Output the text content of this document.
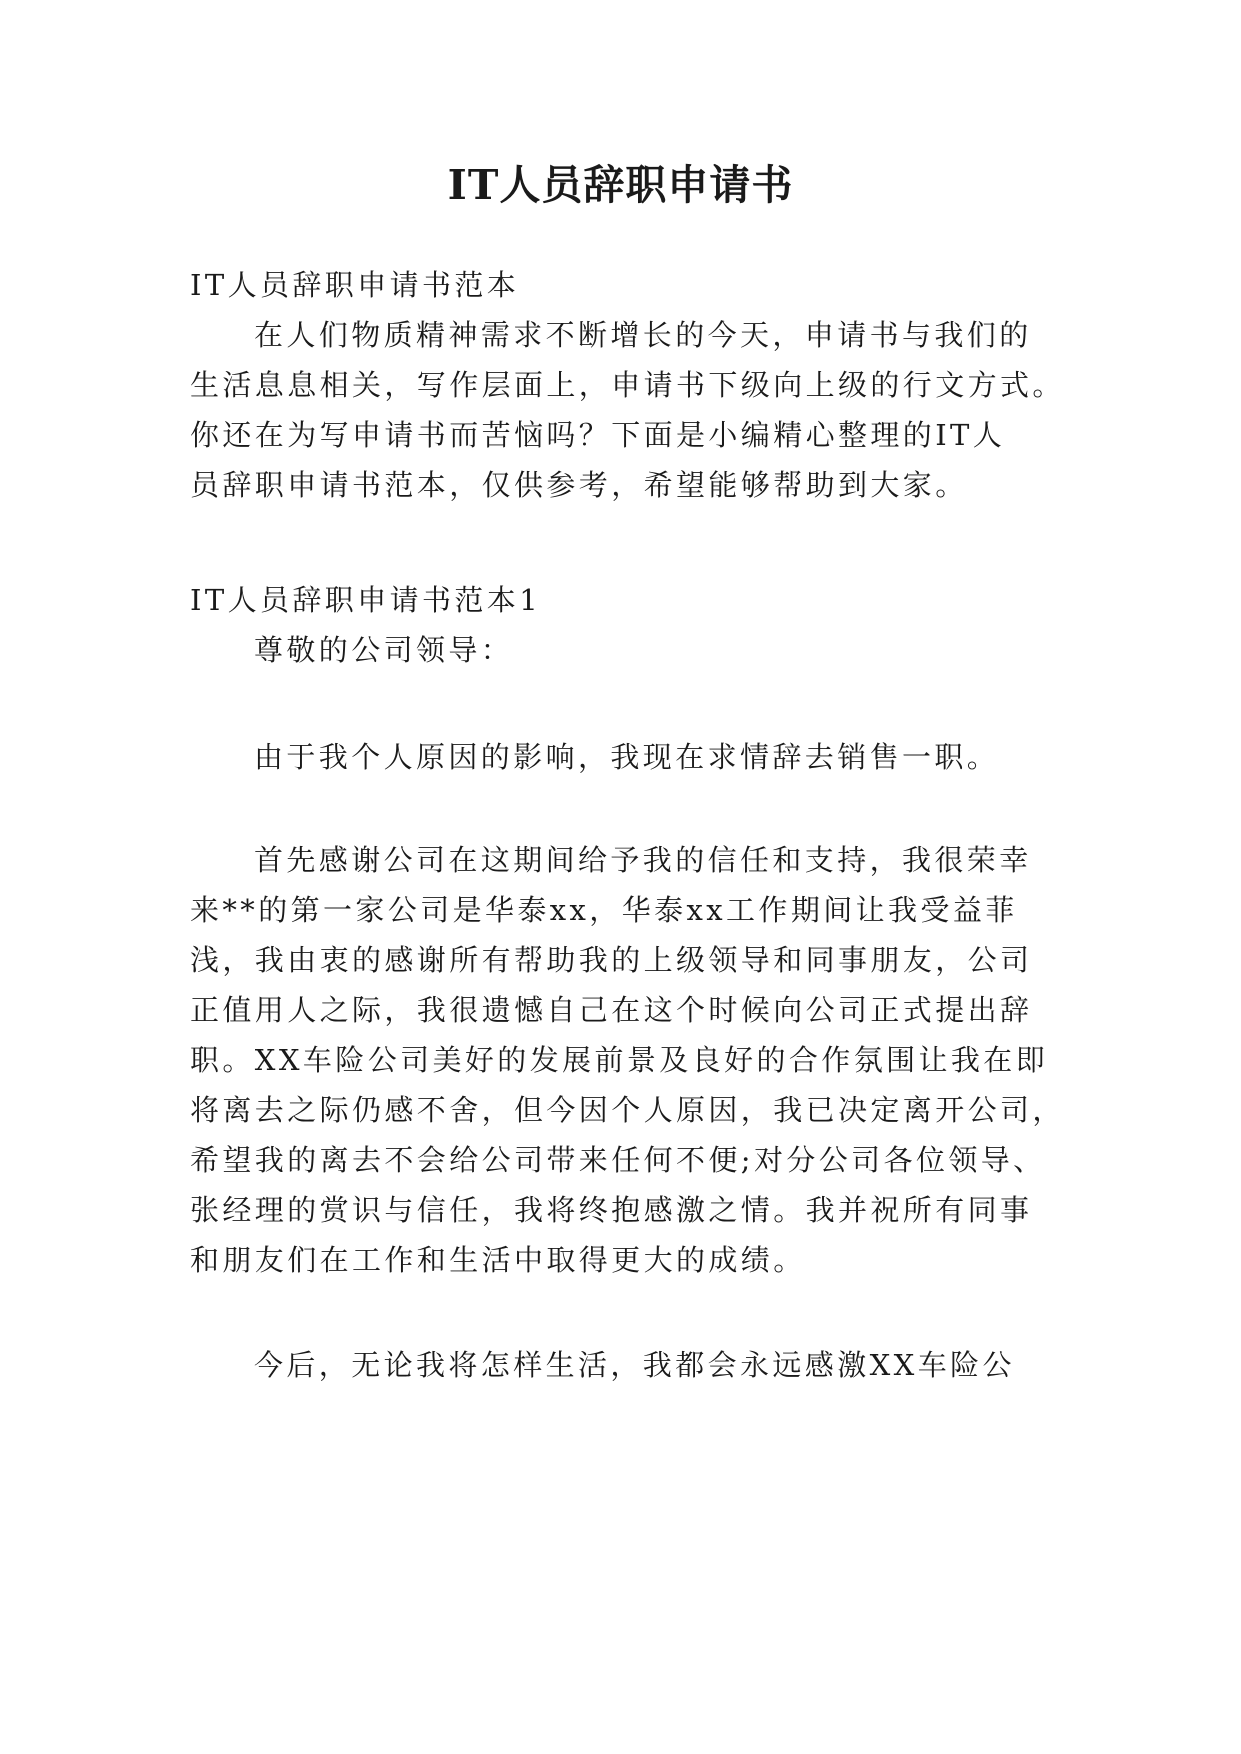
IT人员辞职申请书
IT人员辞职申请书范本
在人们物质精神需求不断增长的今天，申请书与我们的
生活息息相关，写作层面上，申请书下级向上级的行文方式。
你还在为写申请书而苦恼吗？下面是小编精心整理的IT人
员辞职申请书范本，仅供参考，希望能够帮助到大家。
IT人员辞职申请书范本1
尊敬的公司领导：
由于我个人原因的影响，我现在求情辞去销售一职。
首先感谢公司在这期间给予我的信任和支持，我很荣幸
来**的第一家公司是华泰xx，华泰xx工作期间让我受益菲
浅，我由衷的感谢所有帮助我的上级领导和同事朋友，公司
正值用人之际，我很遗憾自己在这个时候向公司正式提出辞
职。XX车险公司美好的发展前景及良好的合作氛围让我在即
将离去之际仍感不舍，但今因个人原因，我已决定离开公司，
希望我的离去不会给公司带来任何不便;对分公司各位领导、
张经理的赏识与信任，我将终抱感激之情。我并祝所有同事
和朋友们在工作和生活中取得更大的成绩。
今后，无论我将怎样生活，我都会永远感激XX车险公
